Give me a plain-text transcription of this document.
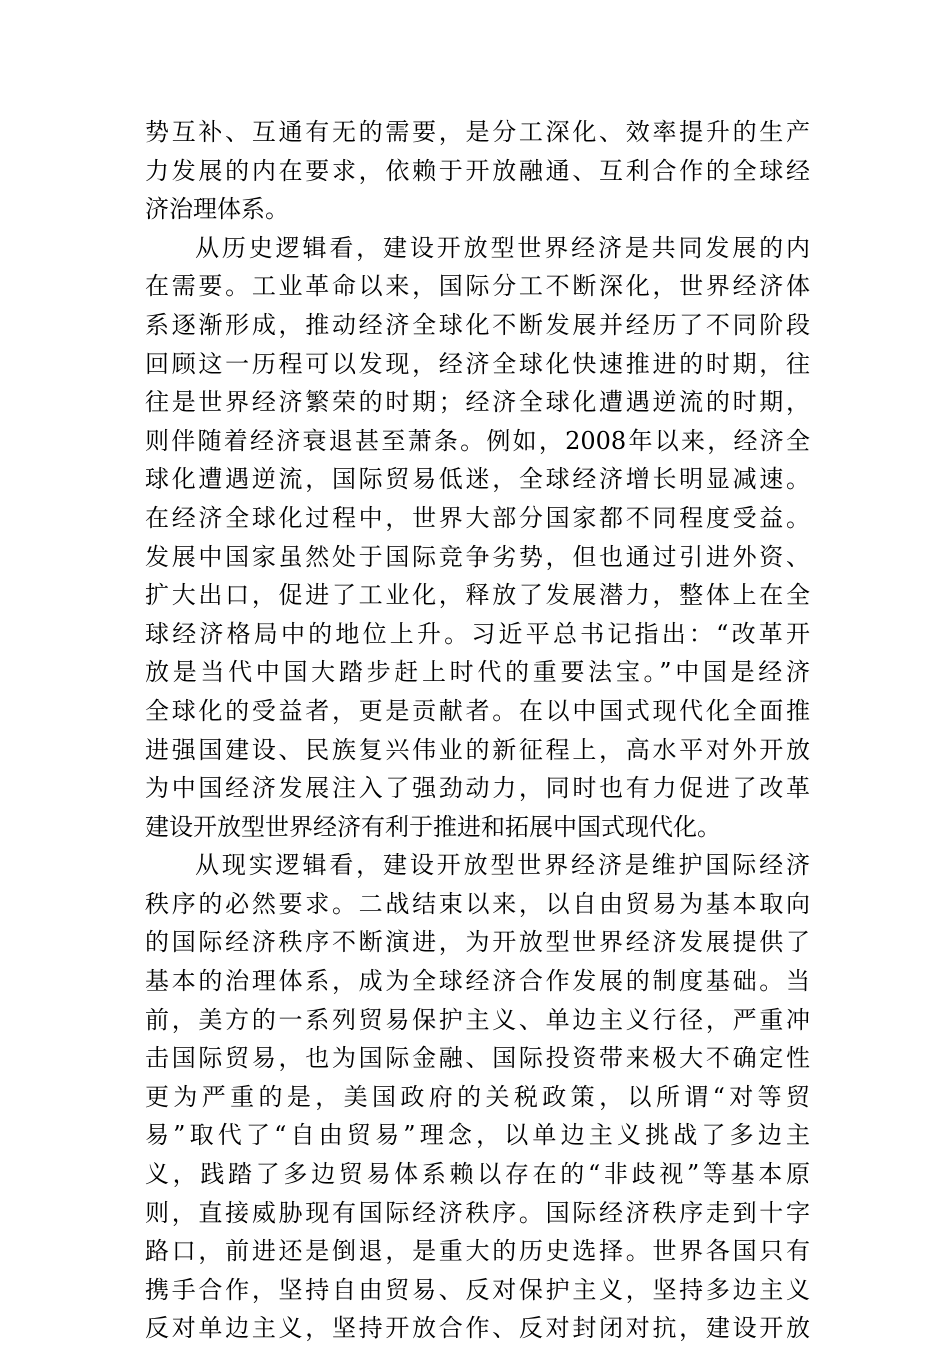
势互补、互通有无的需要，是分工深化、效率提升的生产
力发展的内在要求，依赖于开放融通、互利合作的全球经
济治理体系。
从历史逻辑看，建设开放型世界经济是共同发展的内
在需要。工业革命以来，国际分工不断深化，世界经济体
系逐渐形成，推动经济全球化不断发展并经历了不同阶段
回顾这一历程可以发现，经济全球化快速推进的时期，往
往是世界经济繁荣的时期；经济全球化遭遇逆流的时期，
则伴随着经济衰退甚至萧条。例如，2008年以来，经济全
球化遭遇逆流，国际贸易低迷，全球经济增长明显减速。
在经济全球化过程中，世界大部分国家都不同程度受益。
发展中国家虽然处于国际竞争劣势，但也通过引进外资、
扩大出口，促进了工业化，释放了发展潜力，整体上在全
球经济格局中的地位上升。习近平总书记指出：“改革开
放是当代中国大踏步赶上时代的重要法宝。”中国是经济
全球化的受益者，更是贡献者。在以中国式现代化全面推
进强国建设、民族复兴伟业的新征程上，高水平对外开放
为中国经济发展注入了强劲动力，同时也有力促进了改革
建设开放型世界经济有利于推进和拓展中国式现代化。
从现实逻辑看，建设开放型世界经济是维护国际经济
秩序的必然要求。二战结束以来，以自由贸易为基本取向
的国际经济秩序不断演进，为开放型世界经济发展提供了
基本的治理体系，成为全球经济合作发展的制度基础。当
前，美方的一系列贸易保护主义、单边主义行径，严重冲
击国际贸易，也为国际金融、国际投资带来极大不确定性
更为严重的是，美国政府的关税政策，以所谓“对等贸
易”取代了“自由贸易”理念，以单边主义挑战了多边主
义，践踏了多边贸易体系赖以存在的“非歧视”等基本原
则，直接威胁现有国际经济秩序。国际经济秩序走到十字
路口，前进还是倒退，是重大的历史选择。世界各国只有
携手合作，坚持自由贸易、反对保护主义，坚持多边主义
反对单边主义，坚持开放合作、反对封闭对抗，建设开放
